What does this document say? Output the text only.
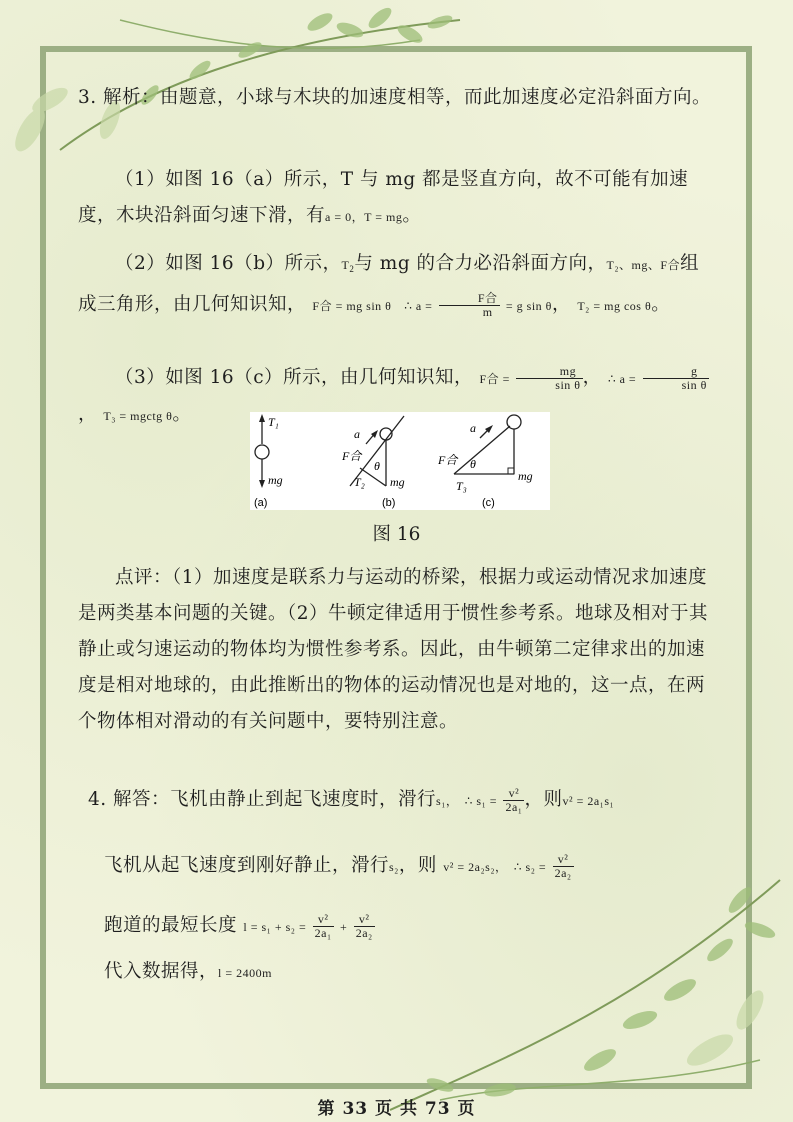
3. 解析：由题意，小球与木块的加速度相等，而此加速度必定沿斜面方向。
（1）如图 16（a）所示，T 与 mg 都是竖直方向，故不可能有加速度，木块沿斜面匀速下滑，有a = 0，T = mg。
（2）如图 16（b）所示，$T_2$与 mg 的合力必沿斜面方向，T₂、mg、F合组成三角形，由几何知识知， F合 = mg sin θ ∴ $a = \frac{\text{F合}}{m} = g$ sin θ， T₂ = mg cos θ。
（3）如图 16（c）所示，由几何知识知， F合 = $\frac{mg}{\text{sin θ}}$ ， ∴ $a = \frac{g}{\text{sin θ}}$
， T₃ = mgctg θ。	T₁
mg
(a)
a
F合
θ
T₂ mg
(b)
a
F合 θ
mg
T₃
(c)
图 16
点评：（1）加速度是联系力与运动的桥梁，根据力或运动情况求加速度是两类基本问题的关键。（2）牛顿定律适用于惯性参考系。地球及相对于其静止或匀速运动的物体均为惯性参考系。因此，由牛顿第二定律求出的加速度是相对地球的，由此推断出的物体的运动情况也是对地的，这一点，在两个物体相对滑动的有关问题中，要特别注意。
4. 解答：飞机由静止到起飞速度时，滑行s₁， ∴ $s_1 = \frac{\text{v²}}{\text{2a₁}}$ ，则v² = 2a₁s₁
飞机从起飞速度到刚好静止，滑行s₂，则 v² = 2a₂s₂， ∴ $s_2 = \frac{\text{v²}}{\text{2a₂}}$
跑道的最短长度 $l = s_1 + s_2 = \frac{\text{v²}}{\text{2a₁}} + \frac{\text{v²}}{\text{2a₂}}$
代入数据得，l = 2400m
第 33 页 共 73 页
